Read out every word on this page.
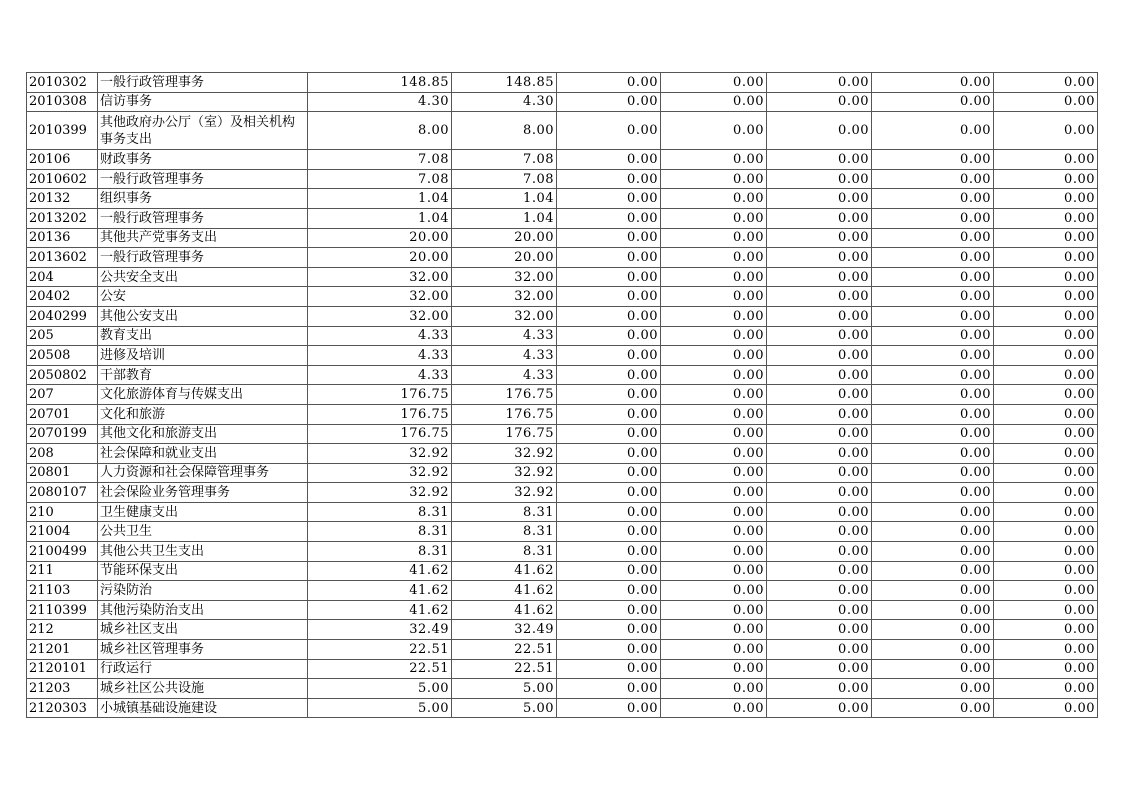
2010302	一般行政管理事务	148.85	148.85	0.00	0.00	0.00	0.00	0.00
2010308	信访事务	4.30	4.30	0.00	0.00	0.00	0.00	0.00
2010399	其他政府办公厅（室）及相关机构事务支出	8.00	8.00	0.00	0.00	0.00	0.00	0.00
20106	财政事务	7.08	7.08	0.00	0.00	0.00	0.00	0.00
2010602	一般行政管理事务	7.08	7.08	0.00	0.00	0.00	0.00	0.00
20132	组织事务	1.04	1.04	0.00	0.00	0.00	0.00	0.00
2013202	一般行政管理事务	1.04	1.04	0.00	0.00	0.00	0.00	0.00
20136	其他共产党事务支出	20.00	20.00	0.00	0.00	0.00	0.00	0.00
2013602	一般行政管理事务	20.00	20.00	0.00	0.00	0.00	0.00	0.00
204	公共安全支出	32.00	32.00	0.00	0.00	0.00	0.00	0.00
20402	公安	32.00	32.00	0.00	0.00	0.00	0.00	0.00
2040299	其他公安支出	32.00	32.00	0.00	0.00	0.00	0.00	0.00
205	教育支出	4.33	4.33	0.00	0.00	0.00	0.00	0.00
20508	进修及培训	4.33	4.33	0.00	0.00	0.00	0.00	0.00
2050802	干部教育	4.33	4.33	0.00	0.00	0.00	0.00	0.00
207	文化旅游体育与传媒支出	176.75	176.75	0.00	0.00	0.00	0.00	0.00
20701	文化和旅游	176.75	176.75	0.00	0.00	0.00	0.00	0.00
2070199	其他文化和旅游支出	176.75	176.75	0.00	0.00	0.00	0.00	0.00
208	社会保障和就业支出	32.92	32.92	0.00	0.00	0.00	0.00	0.00
20801	人力资源和社会保障管理事务	32.92	32.92	0.00	0.00	0.00	0.00	0.00
2080107	社会保险业务管理事务	32.92	32.92	0.00	0.00	0.00	0.00	0.00
210	卫生健康支出	8.31	8.31	0.00	0.00	0.00	0.00	0.00
21004	公共卫生	8.31	8.31	0.00	0.00	0.00	0.00	0.00
2100499	其他公共卫生支出	8.31	8.31	0.00	0.00	0.00	0.00	0.00
211	节能环保支出	41.62	41.62	0.00	0.00	0.00	0.00	0.00
21103	污染防治	41.62	41.62	0.00	0.00	0.00	0.00	0.00
2110399	其他污染防治支出	41.62	41.62	0.00	0.00	0.00	0.00	0.00
212	城乡社区支出	32.49	32.49	0.00	0.00	0.00	0.00	0.00
21201	城乡社区管理事务	22.51	22.51	0.00	0.00	0.00	0.00	0.00
2120101	行政运行	22.51	22.51	0.00	0.00	0.00	0.00	0.00
21203	城乡社区公共设施	5.00	5.00	0.00	0.00	0.00	0.00	0.00
2120303	小城镇基础设施建设	5.00	5.00	0.00	0.00	0.00	0.00	0.00
